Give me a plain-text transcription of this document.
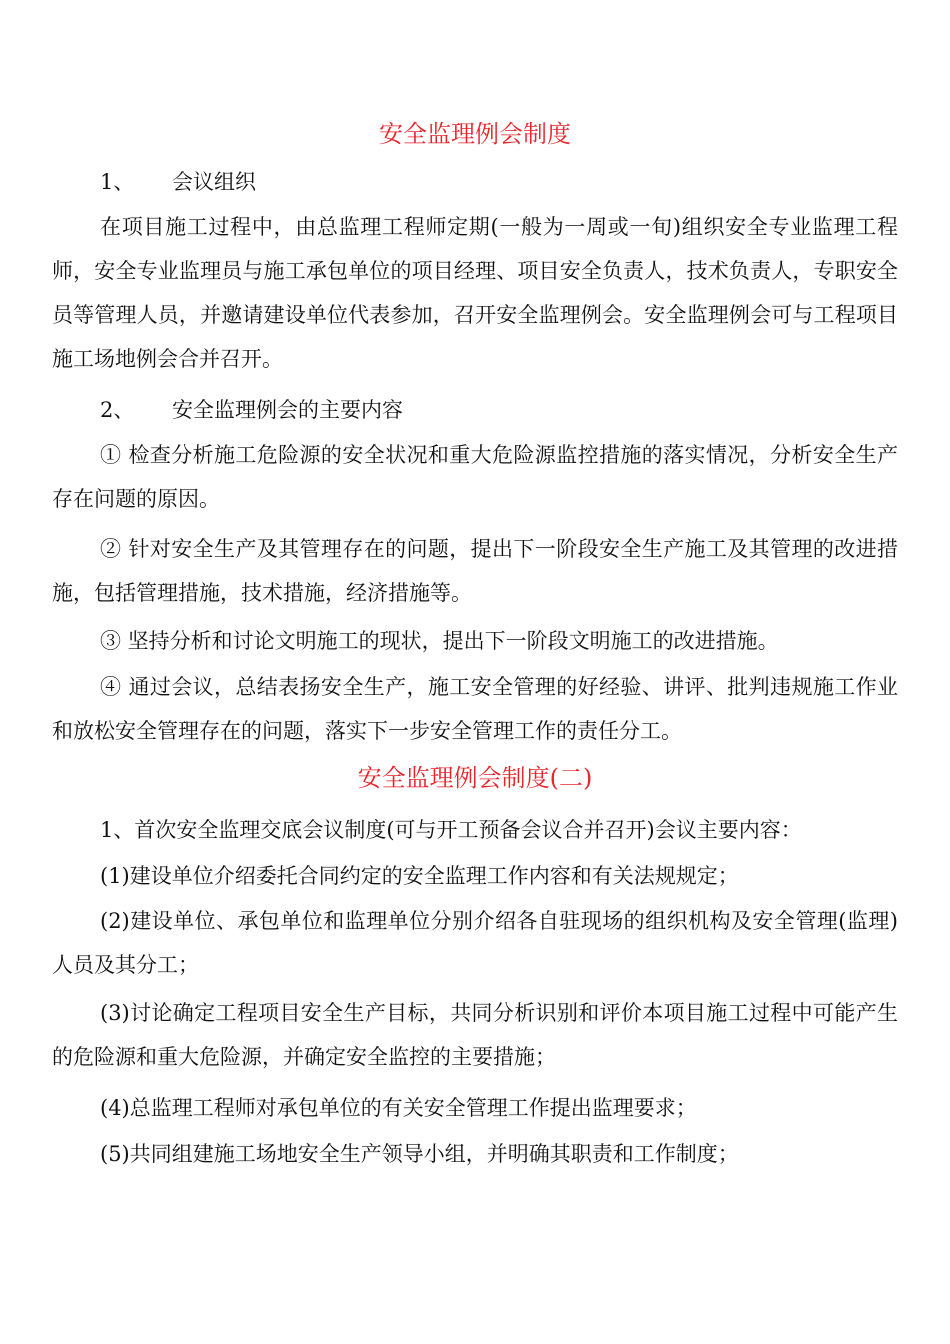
安全监理例会制度
1、 会议组织
在项目施工过程中，由总监理工程师定期(一般为一周或一旬)组织安全专业监理工程师，安全专业监理员与施工承包单位的项目经理、项目安全负责人，技术负责人，专职安全员等管理人员，并邀请建设单位代表参加，召开安全监理例会。安全监理例会可与工程项目施工场地例会合并召开。
2、 安全监理例会的主要内容
① 检查分析施工危险源的安全状况和重大危险源监控措施的落实情况，分析安全生产存在问题的原因。
② 针对安全生产及其管理存在的问题，提出下一阶段安全生产施工及其管理的改进措施，包括管理措施，技术措施，经济措施等。
③ 坚持分析和讨论文明施工的现状，提出下一阶段文明施工的改进措施。
④ 通过会议，总结表扬安全生产，施工安全管理的好经验、讲评、批判违规施工作业和放松安全管理存在的问题，落实下一步安全管理工作的责任分工。
安全监理例会制度(二)
1、首次安全监理交底会议制度(可与开工预备会议合并召开)会议主要内容：
(1)建设单位介绍委托合同约定的安全监理工作内容和有关法规规定；
(2)建设单位、承包单位和监理单位分别介绍各自驻现场的组织机构及安全管理(监理)人员及其分工；
(3)讨论确定工程项目安全生产目标，共同分析识别和评价本项目施工过程中可能产生的危险源和重大危险源，并确定安全监控的主要措施；
(4)总监理工程师对承包单位的有关安全管理工作提出监理要求；
(5)共同组建施工场地安全生产领导小组，并明确其职责和工作制度；
